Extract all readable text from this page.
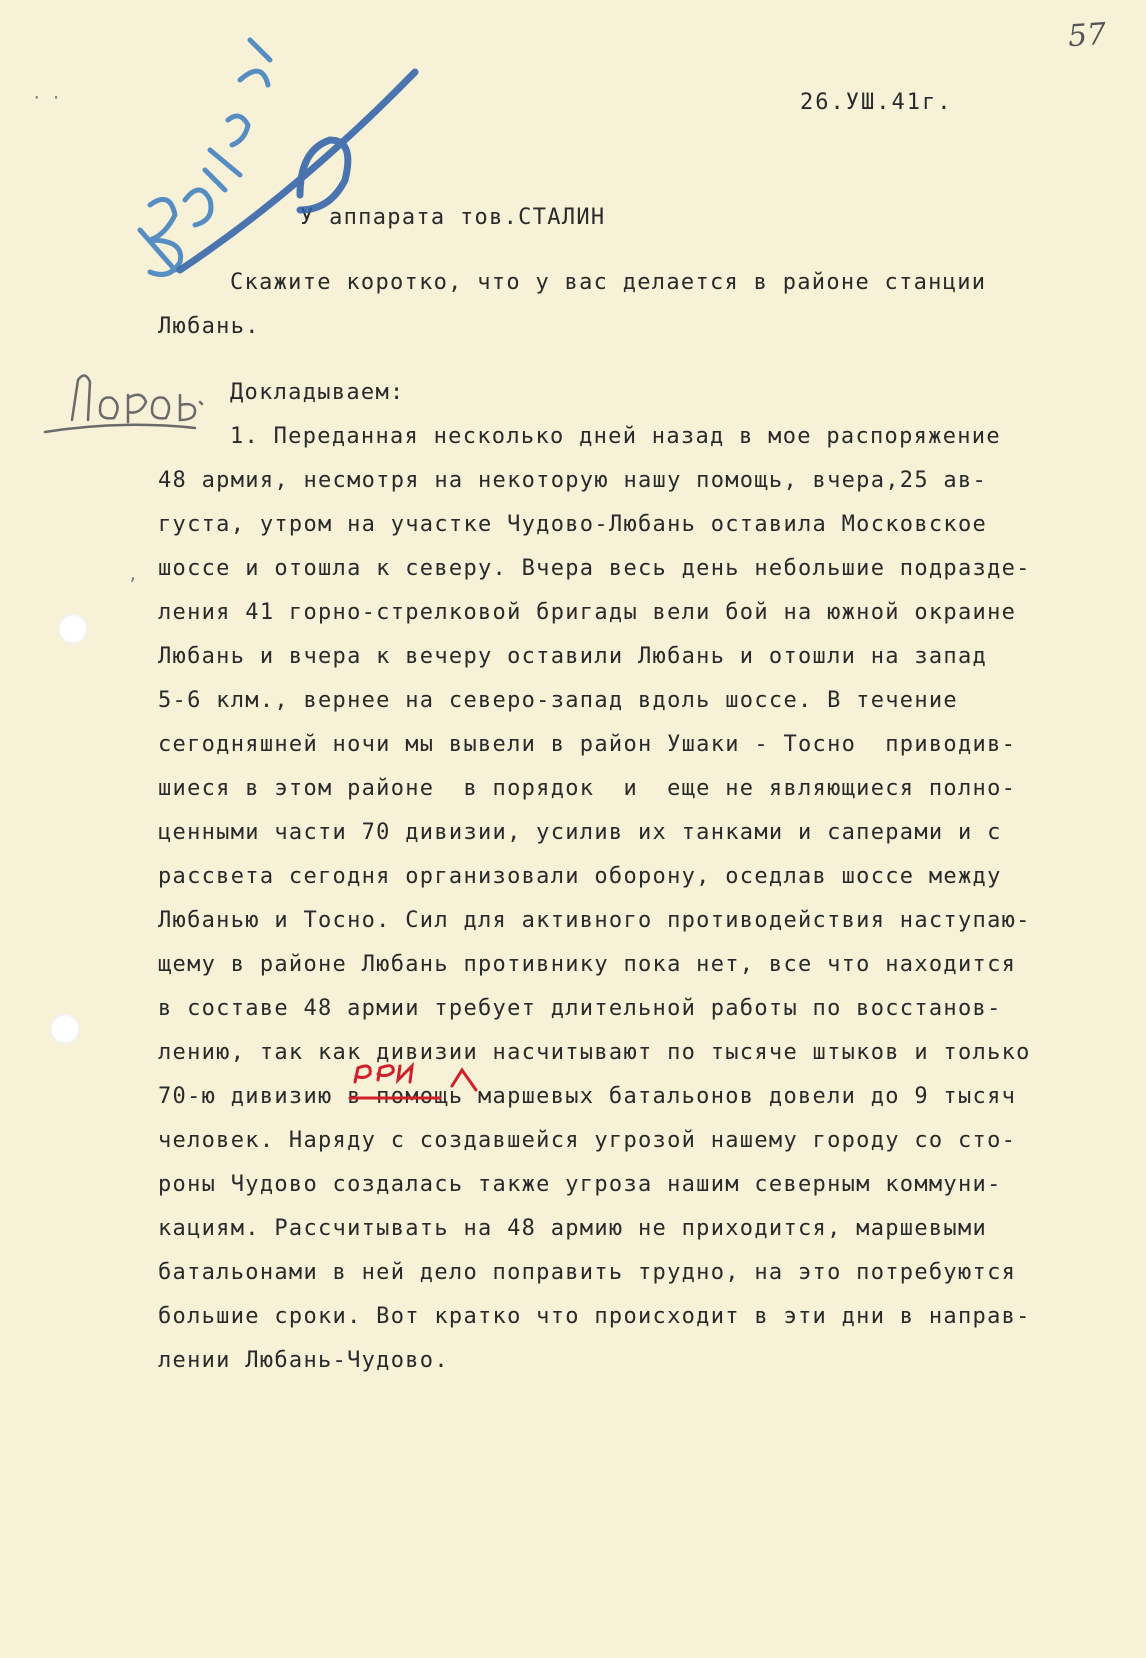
57
26.УШ.41г.
У аппарата тов.СТАЛИН
Скажите коротко, что у вас делается в районе станции
Любань.
Докладываем:
1. Переданная несколько дней назад в мое распоряжение
48 армия, несмотря на некоторую нашу помощь, вчера,25 ав-
густа, утром на участке Чудово-Любань оставила Московское
шоссе и отошла к северу. Вчера весь день небольшие подразде-
ления 41 горно-стрелковой бригады вели бой на южной окраине
Любань и вчера к вечеру оставили Любань и отошли на запад
5-6 клм., вернее на северо-запад вдоль шоссе. В течение
сегодняшней ночи мы вывели в район Ушаки - Тосно  приводив-
шиеся в этом районе  в порядок  и  еще не являющиеся полно-
ценными части 70 дивизии, усилив их танками и саперами и с
рассвета сегодня организовали оборону, оседлав шоссе между
Любанью и Тосно. Сил для активного противодействия наступаю-
щему в районе Любань противнику пока нет, все что находится
в составе 48 армии требует длительной работы по восстанов-
лению, так как дивизии насчитывают по тысяче штыков и только
70-ю дивизию в помощь маршевых батальонов довели до 9 тысяч
человек. Наряду с создавшейся угрозой нашему городу со сто-
роны Чудово создалась также угроза нашим северным коммуни-
кациям. Рассчитывать на 48 армию не приходится, маршевыми
батальонами в ней дело поправить трудно, на это потребуются
большие сроки. Вот кратко что происходит в эти дни в направ-
лении Любань-Чудово.
· ·
,
